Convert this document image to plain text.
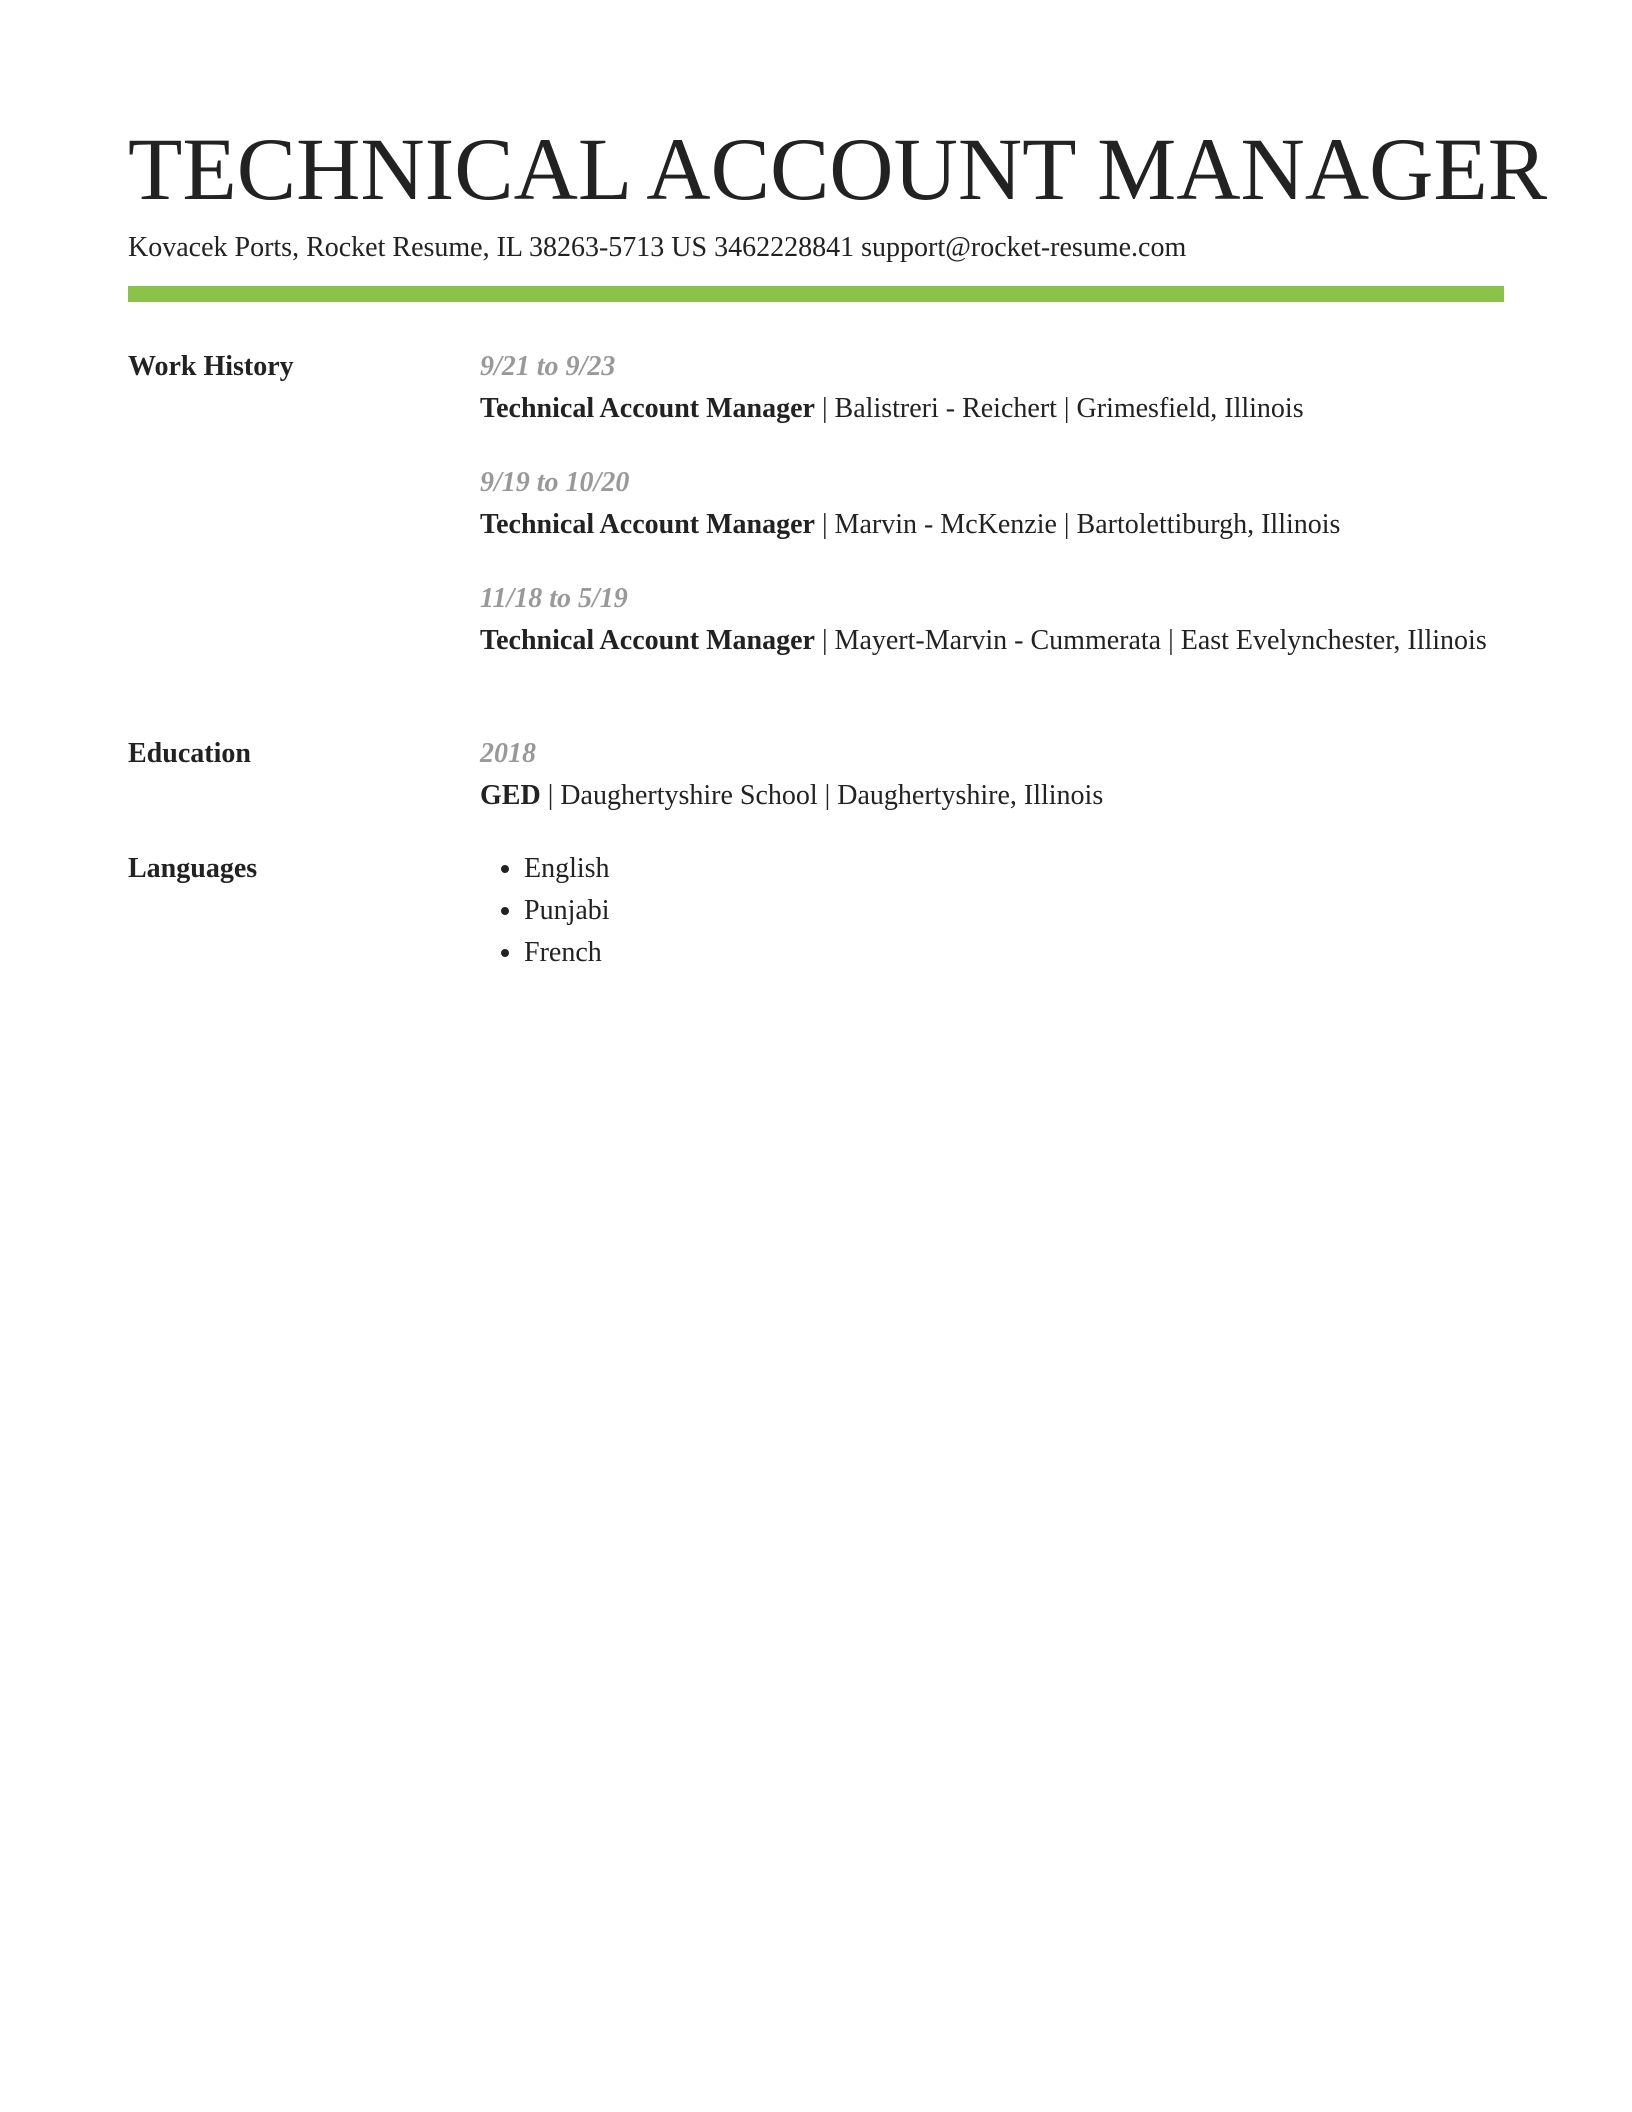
TECHNICAL ACCOUNT MANAGER

Kovacek Ports, Rocket Resume, IL 38263-5713 US 3462228841 support@rocket-resume.com

Work History	9/21 to 9/23
Technical Account Manager | Balistreri - Reichert | Grimesfield, Illinois
9/19 to 10/20
Technical Account Manager | Marvin - McKenzie | Bartolettiburgh, Illinois
11/18 to 5/19
Technical Account Manager | Mayert-Marvin - Cummerata | East Evelynchester, Illinois
Education	2018
GED | Daughertyshire School | Daughertyshire, Illinois
Languages
•	English
• Punjabi
• French
